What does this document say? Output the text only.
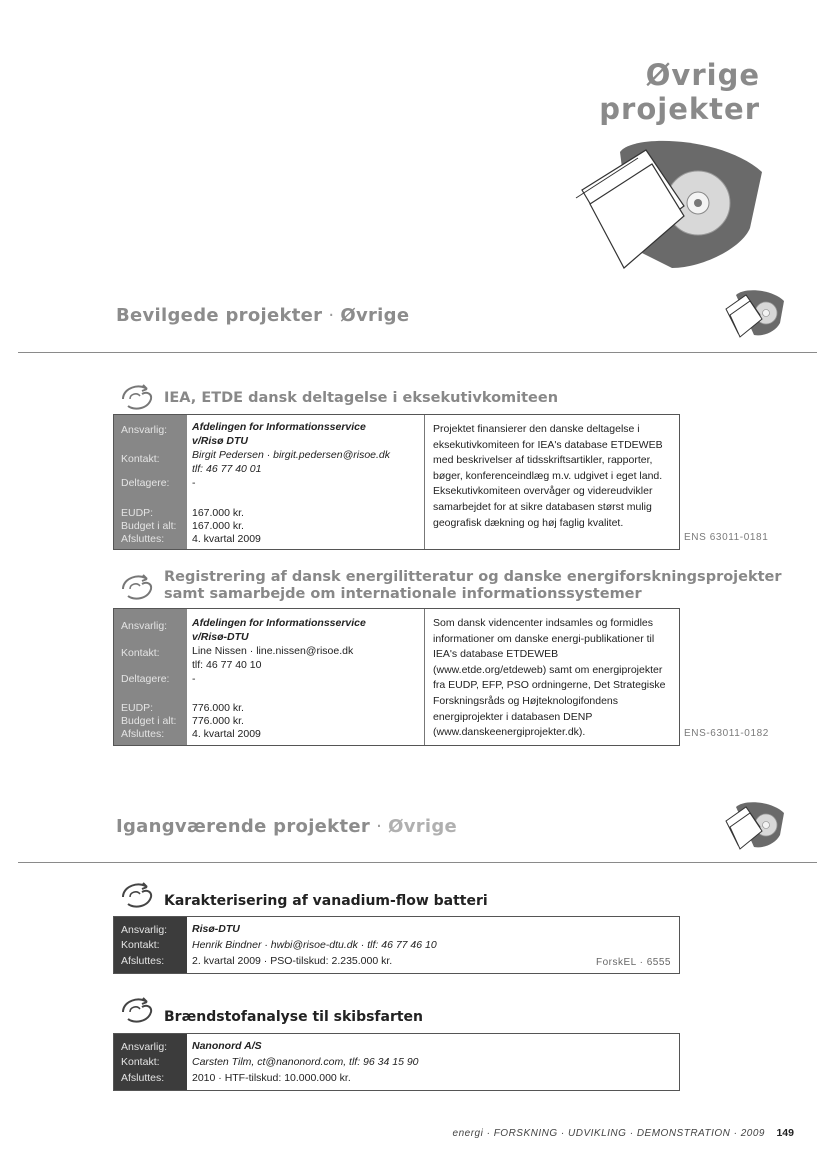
Øvrige projekter
Bevilgede projekter · Øvrige
IEA, ETDE dansk deltagelse i eksekutivkomiteen
Ansvarlig:
Kontakt:
Deltagere:
EUDP:
Budget i alt:
Afsluttes:
Afdelingen for Informationsservice
v/Risø DTU
Birgit Pedersen · birgit.pedersen@risoe.dk
tlf: 46 77 40 01
-
167.000 kr.
167.000 kr.
4. kvartal 2009
Projektet finansierer den danske deltagelse i eksekutivkomiteen for IEA's database ETDEWEB med beskrivelser af tidsskriftsartikler, rapporter, bøger, konferenceindlæg m.v. udgivet i eget land. Eksekutivkomiteen overvåger og videreudvikler samarbejdet for at sikre databasen størst mulig geografisk dækning og høj faglig kvalitet.
ENS 63011-0181
Registrering af dansk energilitteratur og danske energiforskningsprojekter
samt samarbejde om internationale informationssystemer
Ansvarlig:
Kontakt:
Deltagere:
EUDP:
Budget i alt:
Afsluttes:
Afdelingen for Informationsservice
v/Risø-DTU
Line Nissen · line.nissen@risoe.dk
tlf: 46 77 40 10
-
776.000 kr.
776.000 kr.
4. kvartal 2009
Som dansk videncenter indsamles og formidles informationer om danske energi-publikationer til IEA's database ETDEWEB (www.etde.org/etdeweb) samt om energiprojekter fra EUDP, EFP, PSO ordningerne, Det Strategiske Forskningsråds og Højteknologifondens energiprojekter i databasen DENP (www.danskeenergiprojekter.dk).	ENS-63011-0182
Igangværende projekter · Øvrige
Karakterisering af vanadium-flow batteri
Ansvarlig:
Kontakt:
Afsluttes:
Risø-DTU
Henrik Bindner · hwbi@risoe-dtu.dk · tlf: 46 77 46 10
2. kvartal 2009 · PSO-tilskud: 2.235.000 kr.	ForskEL · 6555
Brændstofanalyse til skibsfarten
Ansvarlig:
Kontakt:
Afsluttes:
Nanonord A/S
Carsten Tilm, ct@nanonord.com, tlf: 96 34 15 90
2010 · HTF-tilskud: 10.000.000 kr.
energi · FORSKNING · UDVIKLING · DEMONSTRATION · 2009 149
